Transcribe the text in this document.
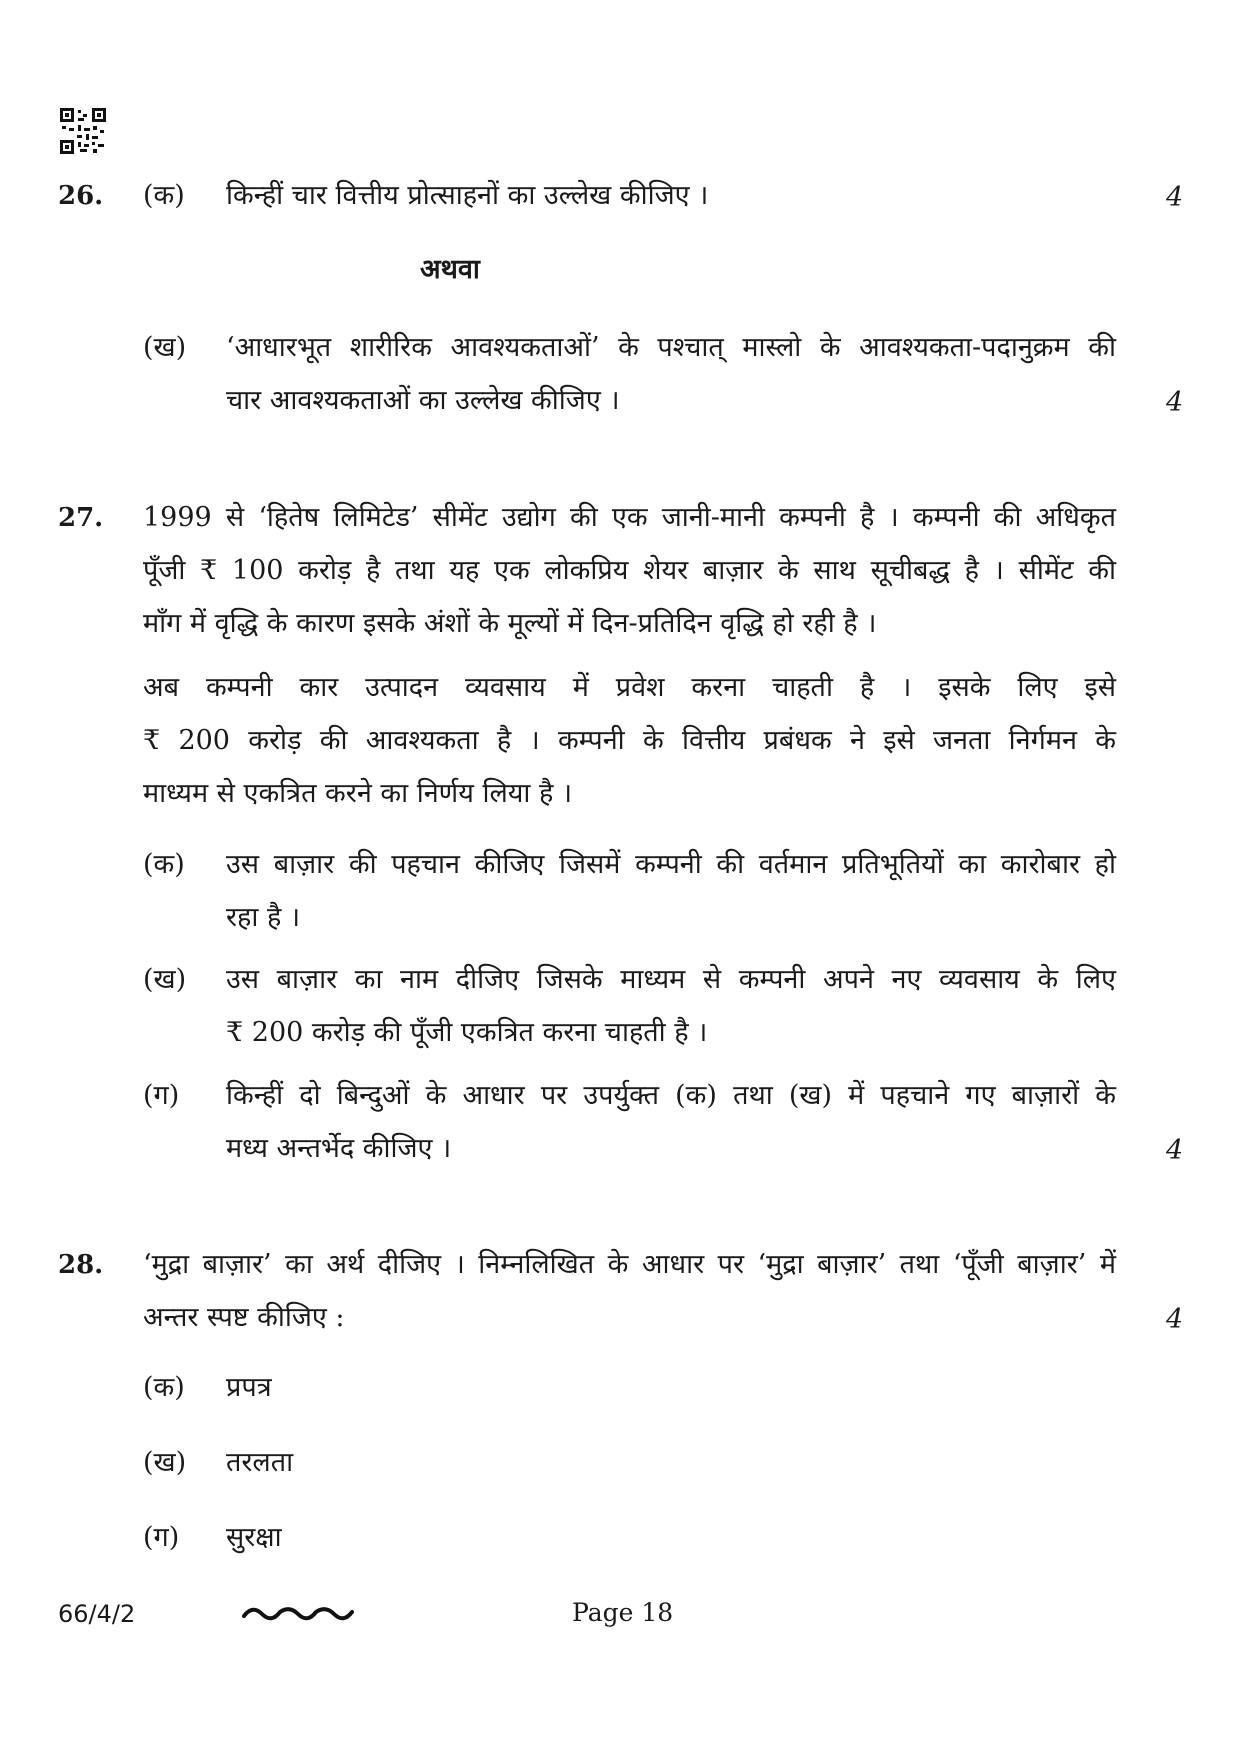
26. (क) किन्हीं चार वित्तीय प्रोत्साहनों का उल्लेख कीजिए ।	4
अथवा
(ख) ‘आधारभूत शारीरिक आवश्यकताओं’ के पश्चात् मास्लो के आवश्यकता-पदानुक्रम की
चार आवश्यकताओं का उल्लेख कीजिए ।	4
27. 1999 से ‘हितेष लिमिटेड’ सीमेंट उद्योग की एक जानी-मानी कम्पनी है । कम्पनी की अधिकृत
पूँजी ₹ 100 करोड़ है तथा यह एक लोकप्रिय शेयर बाज़ार के साथ सूचीबद्ध है । सीमेंट की
माँग में वृद्धि के कारण इसके अंशों के मूल्यों में दिन-प्रतिदिन वृद्धि हो रही है ।
अब कम्पनी कार उत्पादन व्यवसाय में प्रवेश करना चाहती है । इसके लिए इसे
₹ 200 करोड़ की आवश्यकता है । कम्पनी के वित्तीय प्रबंधक ने इसे जनता निर्गमन के
माध्यम से एकत्रित करने का निर्णय लिया है ।
(क) उस बाज़ार की पहचान कीजिए जिसमें कम्पनी की वर्तमान प्रतिभूतियों का कारोबार हो
रहा है ।
(ख) उस बाज़ार का नाम दीजिए जिसके माध्यम से कम्पनी अपने नए व्यवसाय के लिए
₹ 200 करोड़ की पूँजी एकत्रित करना चाहती है ।
(ग) किन्हीं दो बिन्दुओं के आधार पर उपर्युक्त (क) तथा (ख) में पहचाने गए बाज़ारों के
मध्य अन्तर्भेद कीजिए ।	4
28. ‘मुद्रा बाज़ार’ का अर्थ दीजिए । निम्नलिखित के आधार पर ‘मुद्रा बाज़ार’ तथा ‘पूँजी बाज़ार’ में
अन्तर स्पष्ट कीजिए :	4
(क) प्रपत्र
(ख) तरलता
(ग) सुरक्षा
66/4/2	Page 18
